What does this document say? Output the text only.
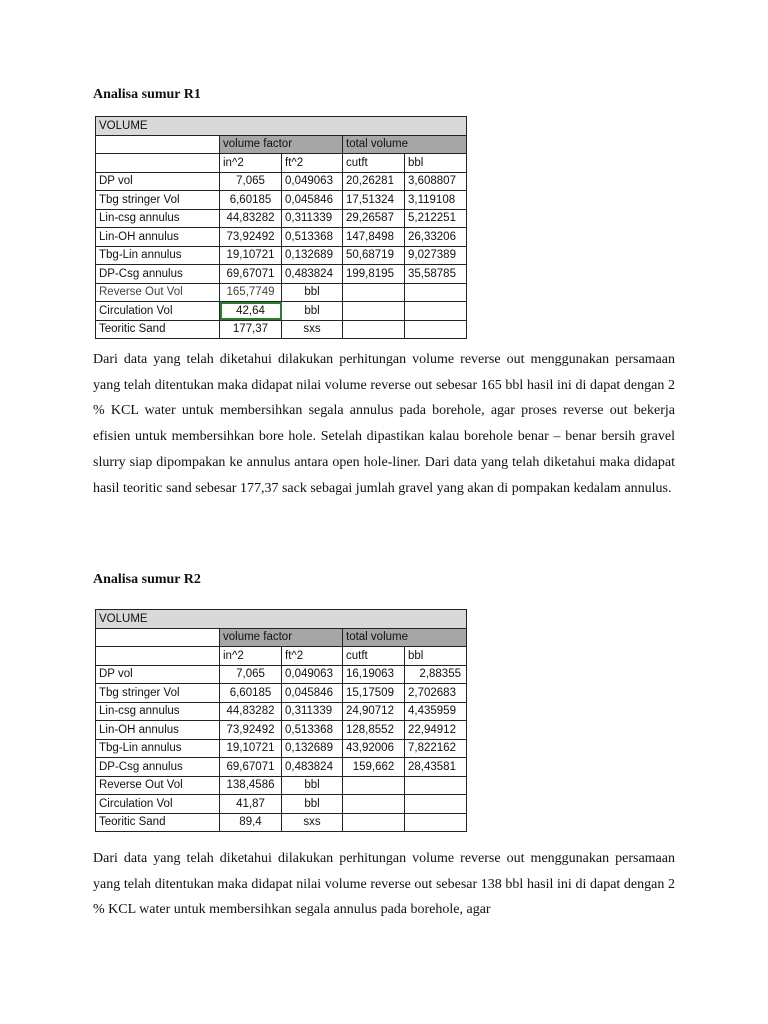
Analisa sumur R1
VOLUME				
	volume factor		total volume	
	in^2	ft^2	cutft	bbl
DP vol	7,065	0,049063	20,26281	3,608807
Tbg stringer Vol	6,60185	0,045846	17,51324	3,119108
Lin-csg annulus	44,83282	0,311339	29,26587	5,212251
Lin-OH annulus	73,92492	0,513368	147,8498	26,33206
Tbg-Lin annulus	19,10721	0,132689	50,68719	9,027389
DP-Csg annulus	69,67071	0,483824	199,8195	35,58785
Reverse Out Vol	165,7749	bbl		
Circulation Vol	42,64	bbl		
Teoritic Sand	177,37	sxs		

Dari data yang telah diketahui dilakukan perhitungan volume reverse out menggunakan persamaan yang telah ditentukan maka didapat nilai volume reverse out sebesar 165 bbl hasil ini di dapat dengan 2 % KCL water untuk membersihkan segala annulus pada borehole, agar proses reverse out bekerja efisien untuk membersihkan bore hole. Setelah dipastikan kalau borehole benar – benar bersih gravel slurry siap dipompakan ke annulus antara open hole-liner. Dari data yang telah diketahui maka didapat hasil teoritic sand sebesar 177,37 sack sebagai jumlah gravel yang akan di pompakan kedalam annulus.

Analisa sumur R2
VOLUME				
	volume factor		total volume	
	in^2	ft^2	cutft	bbl
DP vol	7,065	0,049063	16,19063	2,88355
Tbg stringer Vol	6,60185	0,045846	15,17509	2,702683
Lin-csg annulus	44,83282	0,311339	24,90712	4,435959
Lin-OH annulus	73,92492	0,513368	128,8552	22,94912
Tbg-Lin annulus	19,10721	0,132689	43,92006	7,822162
DP-Csg annulus	69,67071	0,483824	159,662	28,43581
Reverse Out Vol	138,4586	bbl		
Circulation Vol	41,87	bbl		
Teoritic Sand	89,4	sxs		

Dari data yang telah diketahui dilakukan perhitungan volume reverse out menggunakan persamaan yang telah ditentukan maka didapat nilai volume reverse out sebesar 138 bbl hasil ini di dapat dengan 2 % KCL water untuk membersihkan segala annulus pada borehole, agar
